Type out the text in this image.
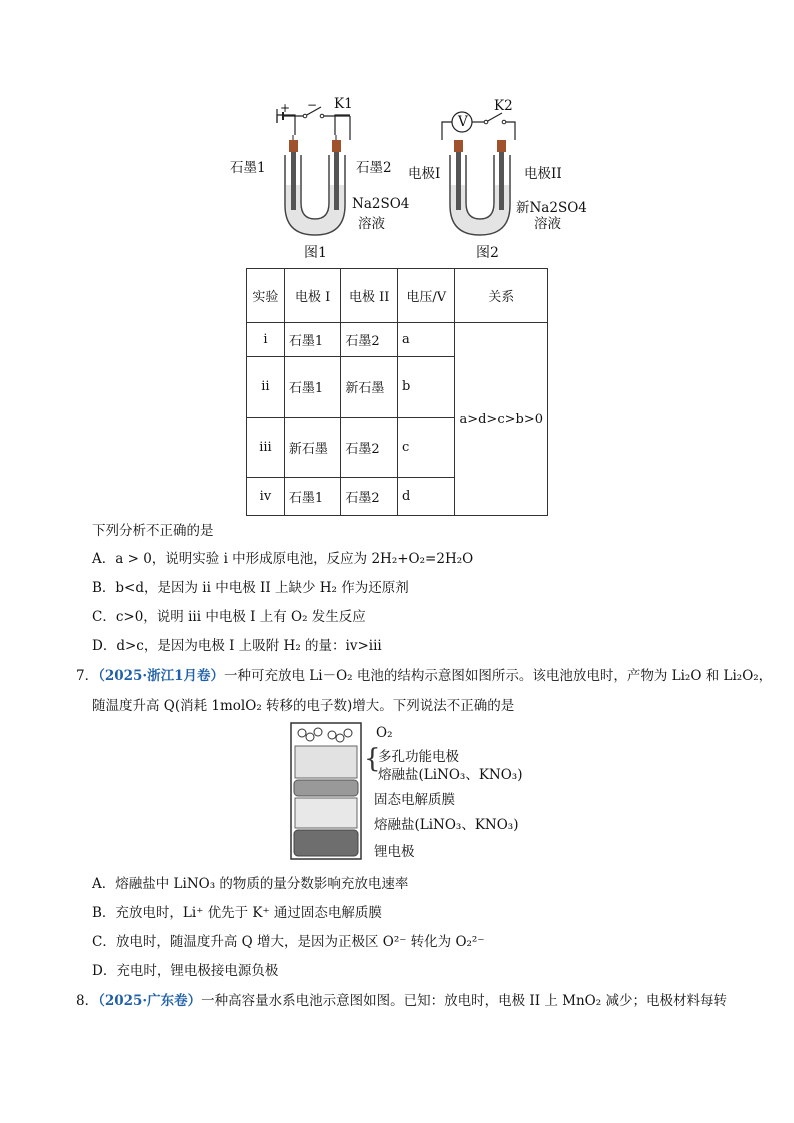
+ − K1
石墨1	石墨2
Na2SO4
溶液
图1
V
K2
电极I	电极II
新Na2SO4
溶液
图2
实验	电极 I	电极 II	电压/V	关系
i	石墨1	石墨2	a	a>d>c>b>0
ii	石墨1	新石墨	b	
iii	新石墨	石墨2	c	
iv	石墨1	石墨2	d	
下列分析不正确的是
A．a > 0，说明实验 i 中形成原电池，反应为 2H₂+O₂=2H₂O
B．b<d，是因为 ii 中电极 II 上缺少 H₂ 作为还原剂
C．c>0，说明 iii 中电极 I 上有 O₂ 发生反应
D．d>c，是因为电极 I 上吸附 H₂ 的量：iv>iii
7．（2025·浙江1月卷）一种可充放电 Li－O₂ 电池的结构示意图如图所示。该电池放电时，产物为 Li₂O 和 Li₂O₂，
随温度升高 Q(消耗 1molO₂ 转移的电子数)增大。下列说法不正确的是
O₂
{
多孔功能电极
熔融盐(LiNO₃、KNO₃)
固态电解质膜
熔融盐(LiNO₃、KNO₃)
锂电极
A．熔融盐中 LiNO₃ 的物质的量分数影响充放电速率
B．充放电时，Li⁺ 优先于 K⁺ 通过固态电解质膜
C．放电时，随温度升高 Q 增大，是因为正极区 O²⁻ 转化为 O₂²⁻
D．充电时，锂电极接电源负极
8．（2025·广东卷）一种高容量水系电池示意图如图。已知：放电时，电极 II 上 MnO₂ 减少；电极材料每转
